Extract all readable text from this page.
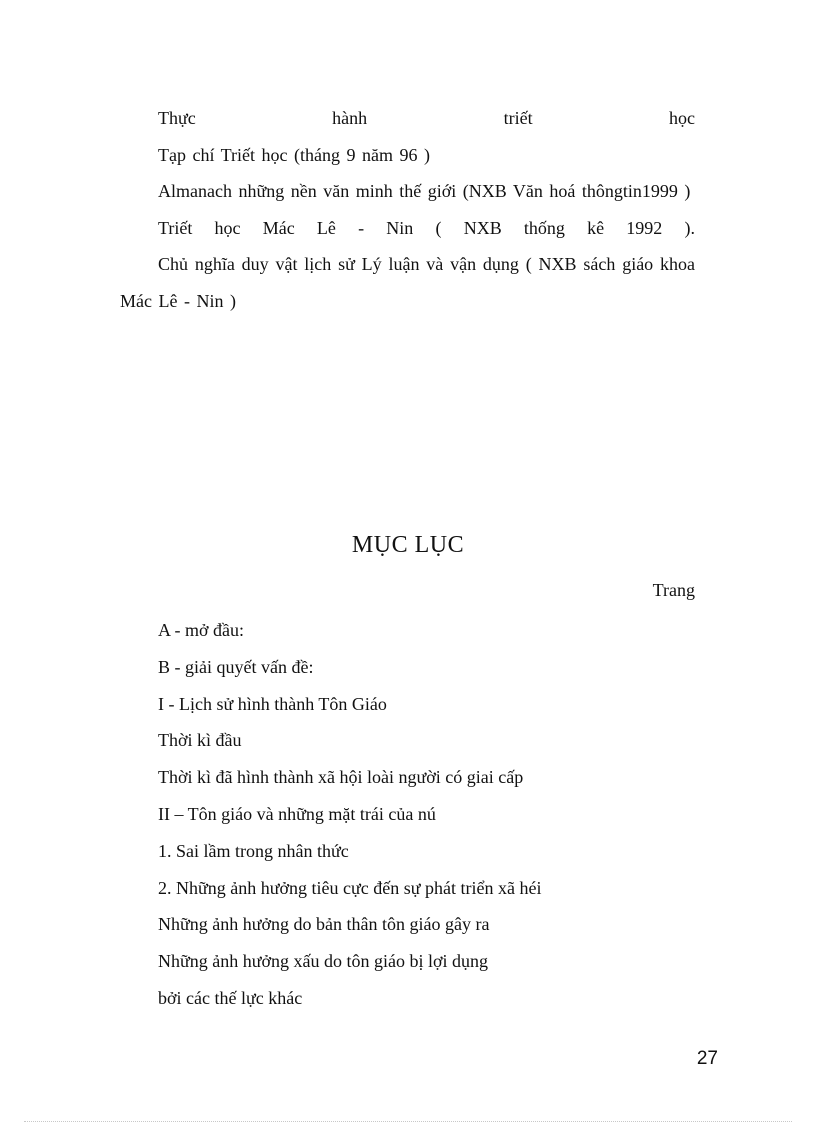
Thực hành triết học

Tạp chí Triết học (tháng 9 năm 96 )

Almanach những nền văn minh thế giới (NXB Văn hoá thôngtin1999 )

Triết học Mác Lê - Nin ( NXB thống kê 1992 ).

Chủ nghĩa duy vật lịch sử Lý luận và vận dụng ( NXB sách giáo khoa Mác Lê - Nin )

MỤC LỤC

Trang

A - mở đầu:
B - giải quyết vấn đề:
I - Lịch sử hình thành Tôn Giáo
Thời kì đầu
Thời kì đã hình thành xã hội loài người có giai cấp
II – Tôn giáo và những mặt trái của nú
1. Sai lầm trong nhân thức
2. Những ảnh hưởng tiêu cực đến sự phát triển xã héi
Những ảnh hưởng do bản thân tôn giáo gây ra
Những ảnh hưởng xấu do tôn giáo bị lợi dụng
bởi các thế lực khác

27
